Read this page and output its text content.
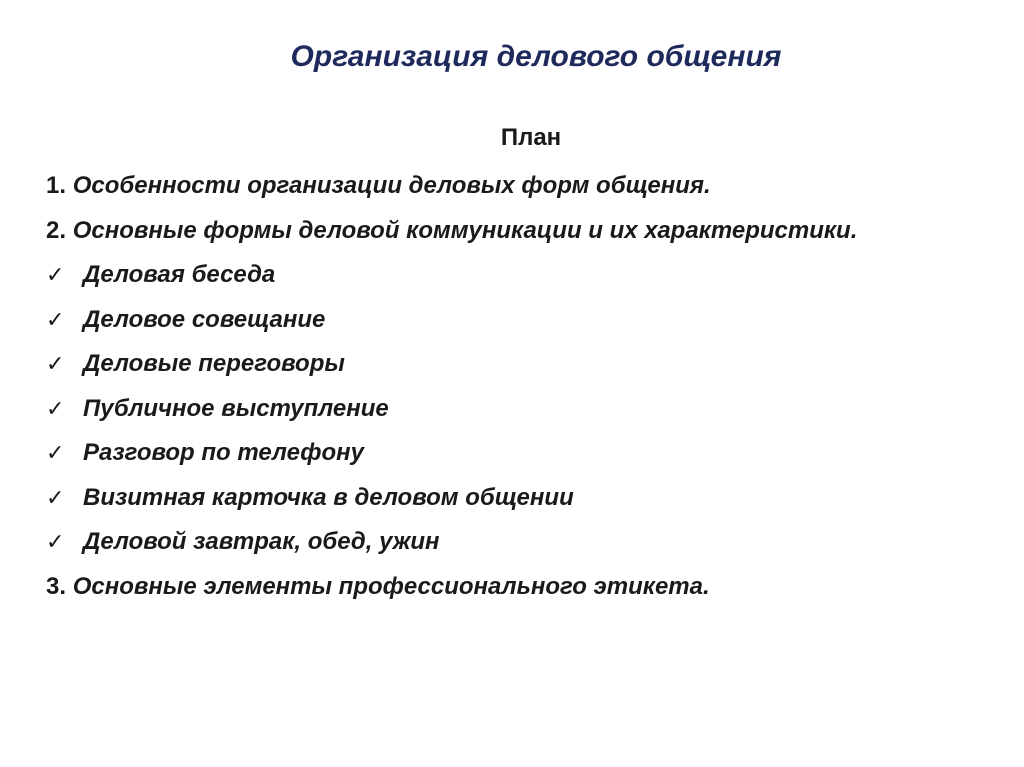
Организация делового общения
План
1. Особенности организации деловых форм общения.
2. Основные формы деловой коммуникации и их характеристики.
✓ Деловая беседа
✓ Деловое совещание
✓ Деловые переговоры
✓ Публичное выступление
✓ Разговор по телефону
✓ Визитная карточка в деловом общении
✓ Деловой завтрак, обед, ужин
3. Основные элементы профессионального этикета.
